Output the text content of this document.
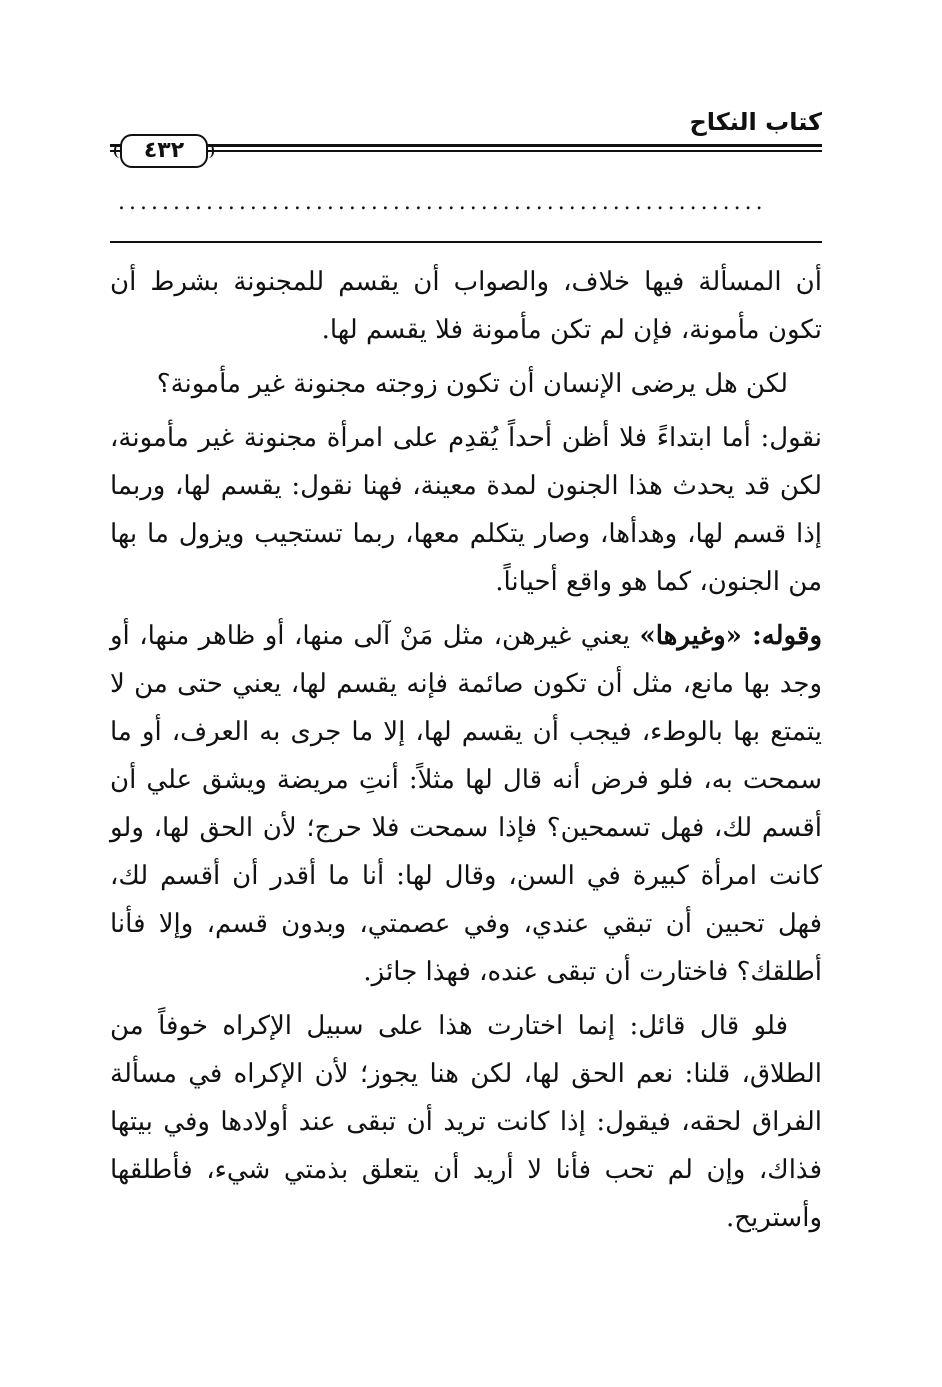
كتاب النكاح
٤٣٢
...........................................................

أن المسألة فيها خلاف، والصواب أن يقسم للمجنونة بشرط أن تكون مأمونة، فإن لم تكن مأمونة فلا يقسم لها.

لكن هل يرضى الإنسان أن تكون زوجته مجنونة غير مأمونة؟

نقول: أما ابتداءً فلا أظن أحداً يُقدِم على امرأة مجنونة غير مأمونة، لكن قد يحدث هذا الجنون لمدة معينة، فهنا نقول: يقسم لها، وربما إذا قسم لها، وهدأها، وصار يتكلم معها، ربما تستجيب ويزول ما بها من الجنون، كما هو واقع أحياناً.

وقوله: «وغيرها» يعني غيرهن، مثل مَنْ آلى منها، أو ظاهر منها، أو وجد بها مانع، مثل أن تكون صائمة فإنه يقسم لها، يعني حتى من لا يتمتع بها بالوطء، فيجب أن يقسم لها، إلا ما جرى به العرف، أو ما سمحت به، فلو فرض أنه قال لها مثلاً: أنتِ مريضة ويشق علي أن أقسم لك، فهل تسمحين؟ فإذا سمحت فلا حرج؛ لأن الحق لها، ولو كانت امرأة كبيرة في السن، وقال لها: أنا ما أقدر أن أقسم لك، فهل تحبين أن تبقي عندي، وفي عصمتي، وبدون قسم، وإلا فأنا أطلقك؟ فاختارت أن تبقى عنده، فهذا جائز.

فلو قال قائل: إنما اختارت هذا على سبيل الإكراه خوفاً من الطلاق، قلنا: نعم الحق لها، لكن هنا يجوز؛ لأن الإكراه في مسألة الفراق لحقه، فيقول: إذا كانت تريد أن تبقى عند أولادها وفي بيتها فذاك، وإن لم تحب فأنا لا أريد أن يتعلق بذمتي شيء، فأطلقها وأستريح.
